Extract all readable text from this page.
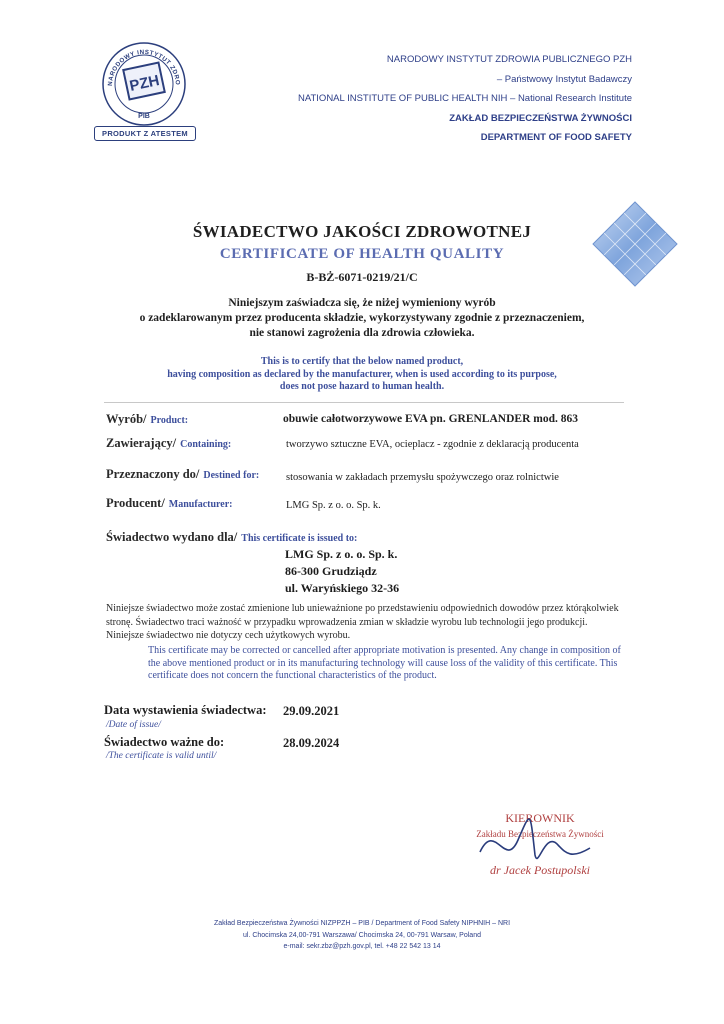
NARODOWY INSTYTUT ZDRO
PZH
PIB
PRODUKT Z ATESTEM
NARODOWY INSTYTUT ZDROWIA PUBLICZNEGO PZH
– Państwowy Instytut Badawczy
NATIONAL INSTITUTE OF PUBLIC HEALTH NIH – National Research Institute
ZAKŁAD BEZPIECZEŃSTWA ŻYWNOŚCI
DEPARTMENT OF FOOD SAFETY
ŚWIADECTWO JAKOŚCI ZDROWOTNEJ
CERTIFICATE OF HEALTH QUALITY
B-BŻ-6071-0219/21/C
Niniejszym zaświadcza się, że niżej wymieniony wyrób
o zadeklarowanym przez producenta składzie, wykorzystywany zgodnie z przeznaczeniem,
nie stanowi zagrożenia dla zdrowia człowieka.
This is to certify that the below named product,
having composition as declared by the manufacturer, when is used according to its purpose,
does not pose hazard to human health.
Wyrób/ Product:	obuwie całotworzywowe EVA pn. GRENLANDER mod. 863
Zawierający/ Containing:	tworzywo sztuczne EVA, ocieplacz - zgodnie z deklaracją producenta
Przeznaczony do/ Destined for:	stosowania w zakładach przemysłu spożywczego oraz rolnictwie
Producent/ Manufacturer:	LMG Sp. z o. o. Sp. k.
Świadectwo wydano dla/ This certificate is issued to:
LMG Sp. z o. o. Sp. k.
86-300 Grudziądz
ul. Waryńskiego 32-36
Niniejsze świadectwo może zostać zmienione lub unieważnione po przedstawieniu odpowiednich dowodów przez którąkolwiek stronę. Świadectwo traci ważność w przypadku wprowadzenia zmian w składzie wyrobu lub technologii jego produkcji. Niniejsze świadectwo nie dotyczy cech użytkowych wyrobu.
This certificate may be corrected or cancelled after appropriate motivation is presented. Any change in composition of the above mentioned product or in its manufacturing technology will cause loss of the validity of this certificate. This certificate does not concern the functional characteristics of the product.
Data wystawienia świadectwa:
/Date of issue/
29.09.2021
Świadectwo ważne do:
/The certificate is valid until/
28.09.2024
KIEROWNIK
Zakładu Bezpieczeństwa Żywności
dr Jacek Postupolski
Zakład Bezpieczeństwa Żywności NIZPPZH – PIB / Department of Food Safety NIPHNIH – NRI
ul. Chocimska 24,00-791 Warszawa/ Chocimska 24, 00-791 Warsaw, Poland
e-mail: sekr.zbz@pzh.gov.pl, tel. +48 22 542 13 14
